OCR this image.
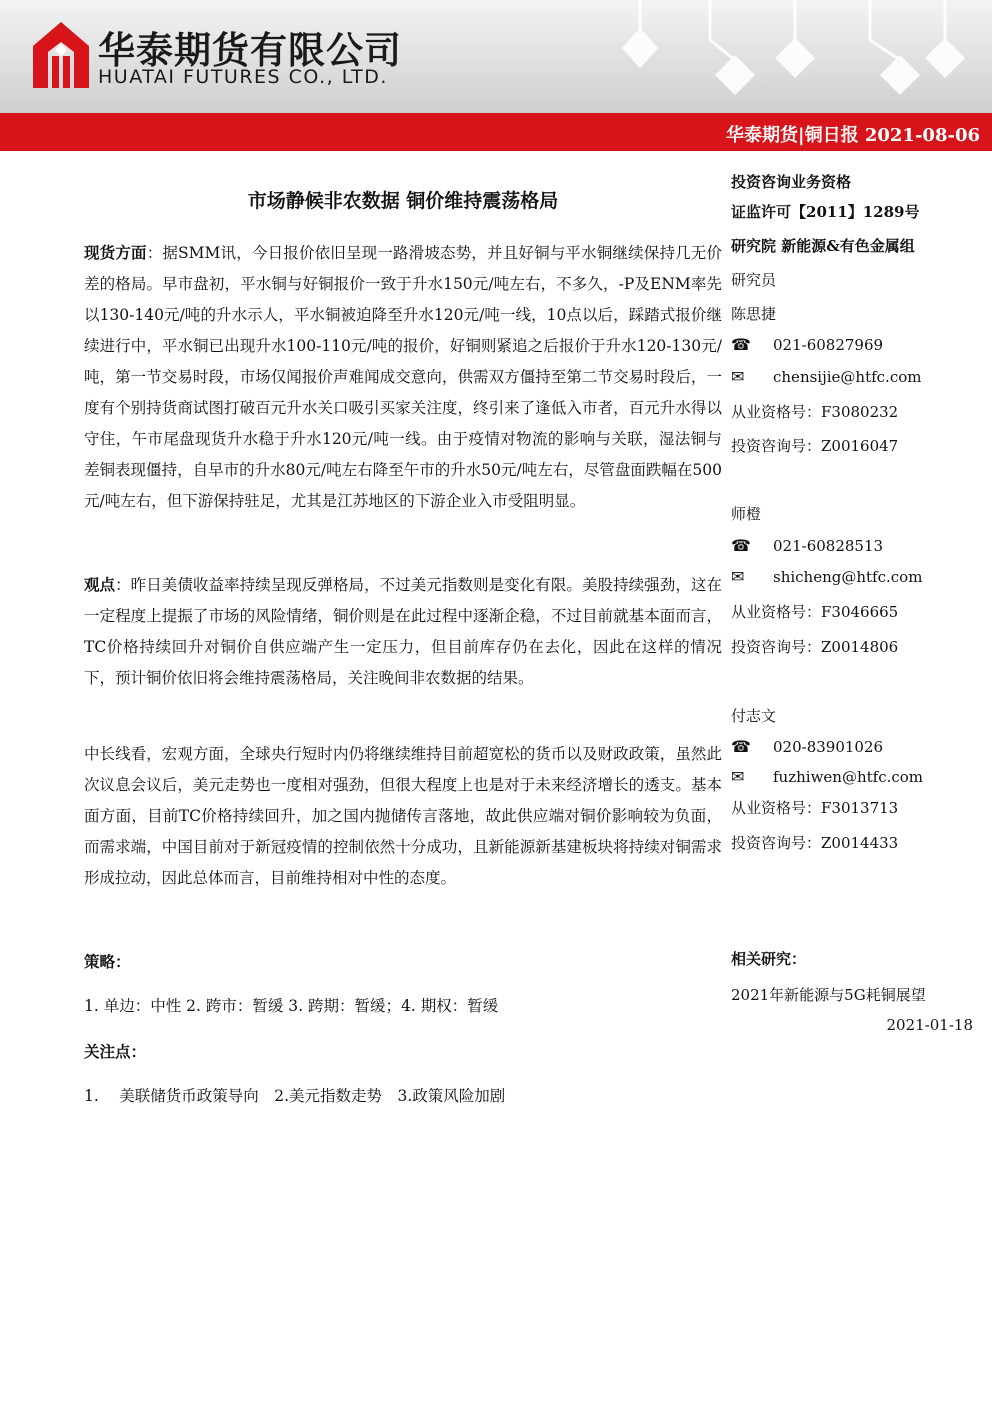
华泰期货有限公司
HUATAI FUTURES CO., LTD.
华泰期货|铜日报 2021-08-06
市场静候非农数据 铜价维持震荡格局

现货方面：据SMM讯，今日报价依旧呈现一路滑坡态势，并且好铜与平水铜继续保持几无价差的格局。早市盘初，平水铜与好铜报价一致于升水150元/吨左右，不多久，-P及ENM率先以130-140元/吨的升水示人，平水铜被迫降至升水120元/吨一线，10点以后，踩踏式报价继续进行中，平水铜已出现升水100-110元/吨的报价，好铜则紧追之后报价于升水120-130元/吨，第一节交易时段，市场仅闻报价声难闻成交意向，供需双方僵持至第二节交易时段后，一度有个别持货商试图打破百元升水关口吸引买家关注度，终引来了逢低入市者，百元升水得以守住，午市尾盘现货升水稳于升水120元/吨一线。由于疫情对物流的影响与关联，湿法铜与差铜表现僵持，自早市的升水80元/吨左右降至午市的升水50元/吨左右，尽管盘面跌幅在500元/吨左右，但下游保持驻足，尤其是江苏地区的下游企业入市受阻明显。

观点：昨日美债收益率持续呈现反弹格局，不过美元指数则是变化有限。美股持续强劲，这在一定程度上提振了市场的风险情绪，铜价则是在此过程中逐渐企稳，不过目前就基本面而言，TC价格持续回升对铜价自供应端产生一定压力，但目前库存仍在去化，因此在这样的情况下，预计铜价依旧将会维持震荡格局，关注晚间非农数据的结果。

中长线看，宏观方面，全球央行短时内仍将继续维持目前超宽松的货币以及财政政策，虽然此次议息会议后，美元走势也一度相对强劲，但很大程度上也是对于未来经济增长的透支。基本面方面，目前TC价格持续回升，加之国内抛储传言落地，故此供应端对铜价影响较为负面，而需求端，中国目前对于新冠疫情的控制依然十分成功，且新能源新基建板块将持续对铜需求形成拉动，因此总体而言，目前维持相对中性的态度。

策略：
1. 单边：中性 2. 跨市：暂缓 3. 跨期：暂缓；4. 期权：暂缓
关注点：
1.　 美联储货币政策导向　2.美元指数走势　3.政策风险加剧
投资咨询业务资格
证监许可【2011】1289号
研究院 新能源&有色金属组
研究员
陈思捷
☎ 021-60827969
✉ chensijie@htfc.com
从业资格号：F3080232
投资咨询号：Z0016047
师橙
☎ 021-60828513
✉ shicheng@htfc.com
从业资格号：F3046665
投资咨询号：Z0014806
付志文
☎ 020-83901026
✉ fuzhiwen@htfc.com
从业资格号：F3013713
投资咨询号：Z0014433
相关研究：
2021年新能源与5G耗铜展望
2021-01-18
